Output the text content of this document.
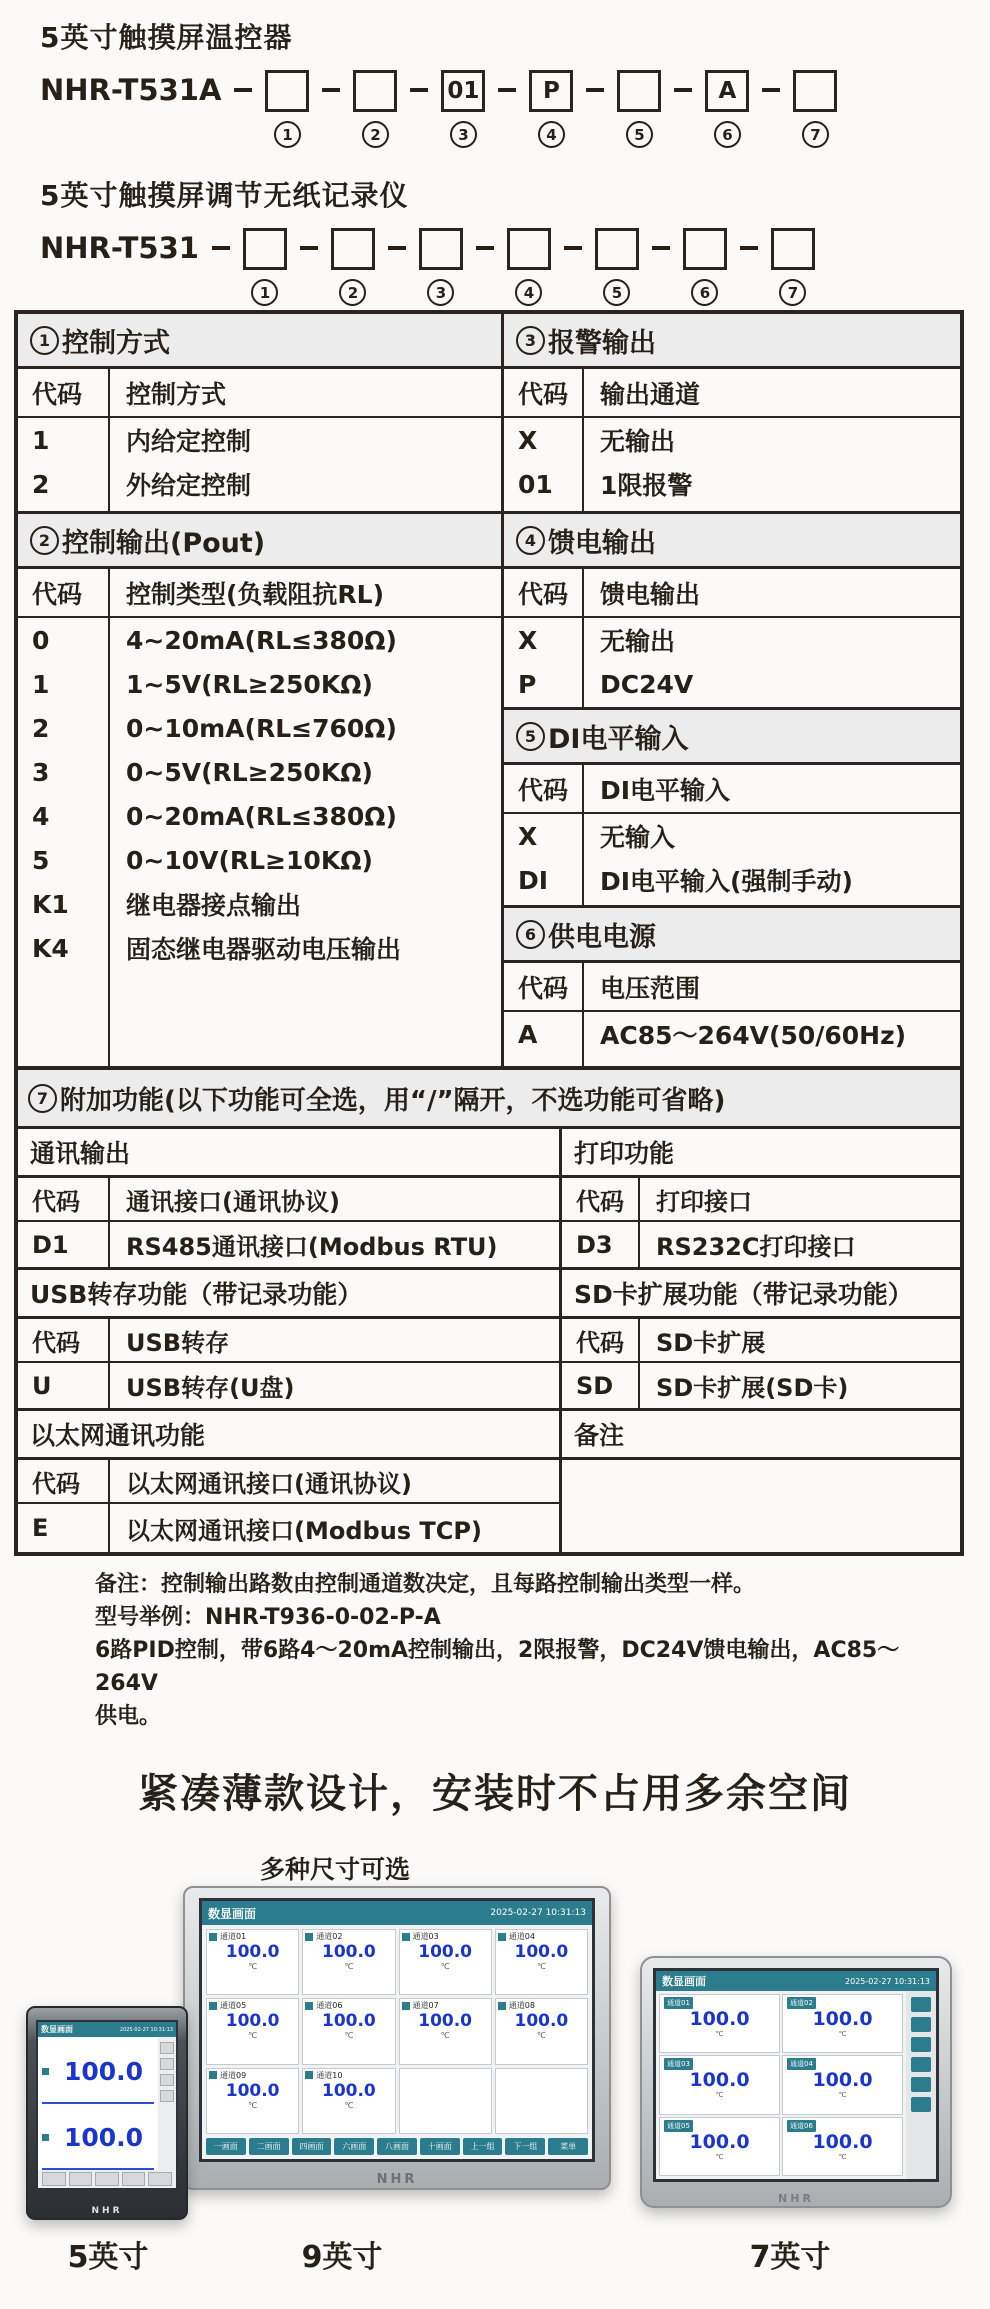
5英寸触摸屏温控器
NHR-T531A
1	2
01
3
P
4	5
A
6	7
5英寸触摸屏调节无纸记录仪
NHR-T531
1	2	3	4	5	6	7
1 控制方式
代码	控制方式
1	内给定控制
2	外给定控制
2 控制输出(Pout)
代码	控制类型(负载阻抗RL)
0	4~20mA(RL≤380Ω)
1	1~5V(RL≥250KΩ)
2	0~10mA(RL≤760Ω)
3	0~5V(RL≥250KΩ)
4	0~20mA(RL≤380Ω)
5	0~10V(RL≥10KΩ)
K1	继电器接点输出
K4	固态继电器驱动电压输出
3 报警输出
代码	输出通道
X	无输出
01	1限报警
4 馈电输出
代码	馈电输出
X	无输出
P	DC24V
5 DI电平输入
代码	DI电平输入
X	无输入
DI	DI电平输入(强制手动)
6 供电电源
代码	电压范围
A	AC85～264V(50/60Hz)
7 附加功能(以下功能可全选，用“/”隔开，不选功能可省略)
通讯输出
代码	通讯接口(通讯协议)
D1	RS485通讯接口(Modbus RTU)
USB转存功能（带记录功能）
代码	USB转存
U	USB转存(U盘)
以太网通讯功能
代码	以太网通讯接口(通讯协议)
E	以太网通讯接口(Modbus TCP)
打印功能
代码	打印接口
D3	RS232C打印接口
SD卡扩展功能（带记录功能）
代码	SD卡扩展
SD	SD卡扩展(SD卡)
备注
备注：控制输出路数由控制通道数决定，且每路控制输出类型一样。
型号举例：NHR-T936-0-02-P-A
6路PID控制，带6路4～20mA控制输出，2限报警，DC24V馈电输出，AC85～264V
供电。
紧凑薄款设计，安装时不占用多余空间
多种尺寸可选
数显画面	2025-02-27 10:31:13
通道01
100.0
℃
通道02
100.0
℃
通道03
100.0
℃
通道04
100.0
℃
通道05
100.0
℃
通道06
100.0
℃
通道07
100.0
℃
通道08
100.0
℃
通道09
100.0
℃
通道10
100.0
℃
一画面	二画面	四画面	六画面	八画面	十画面	上一组	下一组	菜单
NHR
数显画面	2025-02-27 10:31:13
通道01
100.0
℃
通道02
100.0
℃
通道03
100.0
℃
通道04
100.0
℃
通道05
100.0
℃
通道06
100.0
℃
NHR
数显画面	2025-02-27 10:31:13
100.0
100.0
NHR
5英寸	9英寸	7英寸
